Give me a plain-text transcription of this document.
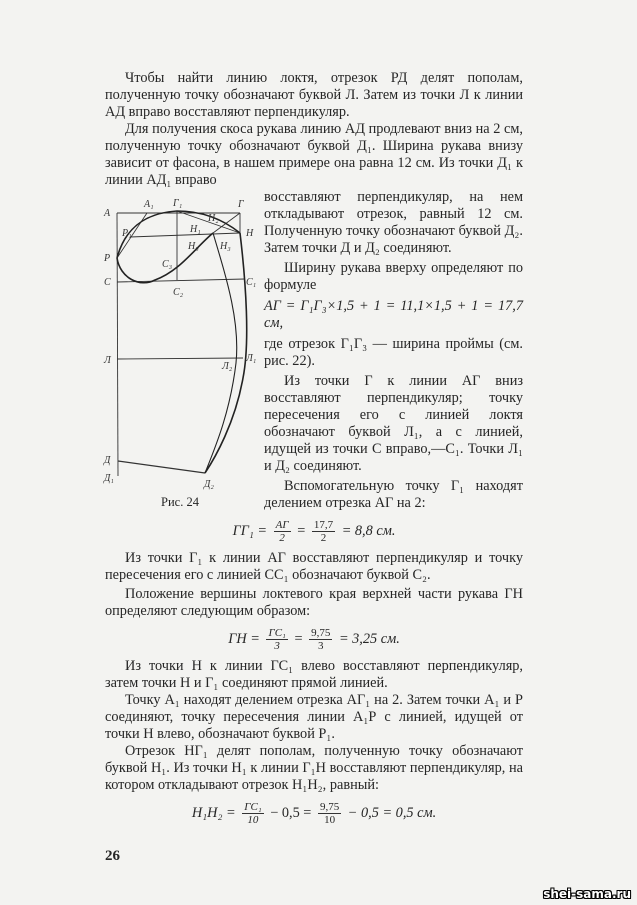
Чтобы найти линию локтя, отрезок РД делят пополам, полученную точку обозначают буквой Л. Затем из точки Л к линии АД вправо восставляют перпендикуляр.

Для получения скоса рукава линию АД продлевают вниз на 2 см, полученную точку обозначают буквой Д₁. Ширина рукава внизу зависит от фасона, в нашем примере она равна 12 см. Из точки Д₁ к линии АД₁ вправо

А
А₁ Г₁	Г
Н₂
Н₁	Н
Р₁
Н₀ Н₃
Р
С₃
С	С₁
С₂
Л
Л₂
Л₁
Д
Д₁
Д₂
Рис. 24

восставляют перпендикуляр, на нем откладывают отрезок, равный 12 см. Полученную точку обозначают буквой Д₂. Затем точки Д и Д₂ соединяют.

Ширину рукава вверху определяют по формуле

АГ = Г₁Г₃×1,5 + 1 = 11,1×1,5 + 1 = 17,7 см,

где отрезок Г₁Г₃ — ширина проймы (см. рис. 22).

Из точки Г к линии АГ вниз восставляют перпендикуляр; точку пересечения его с линией локтя обозначают буквой Л₁, а с линией, идущей из точки С вправо,—С₁. Точки Л₁ и Д₂ соединяют.

Вспомогательную точку Г₁ находят делением отрезка АГ на 2:

$ГГ_1 = \frac{АГ}{2} = \frac{17,7}{2} = 8,8$ см.

Из точки Г₁ к линии АГ восставляют перпендикуляр и точку пересечения его с линией СС₁ обозначают буквой С₂.

Положение вершины локтевого края верхней части рукава ГН определяют следующим образом:

ГН = $\frac{\text{ГС₁}}{3} = \frac{9,75}{3} = 3,25$ см.

Из точки Н к линии ГС₁ влево восставляют перпендикуляр, затем точки Н и Г₁ соединяют прямой линией.

Точку А₁ находят делением отрезка АГ₁ на 2. Затем точки А₁ и Р соединяют, точку пересечения линии А₁Р с линией, идущей от точки Н влево, обозначают буквой Р₁.

Отрезок НГ₁ делят пополам, полученную точку обозначают буквой Н₁. Из точки Н₁ к линии Г₁Н восставляют перпендикуляр, на котором откладывают отрезок Н₁Н₂, равный:

$Н_1Н_2 = \frac{\text{ГС₁}}{10} - 0,5 = \frac{9,75}{10} - 0,5 = 0,5$ см.
26
shei-sama.ru
